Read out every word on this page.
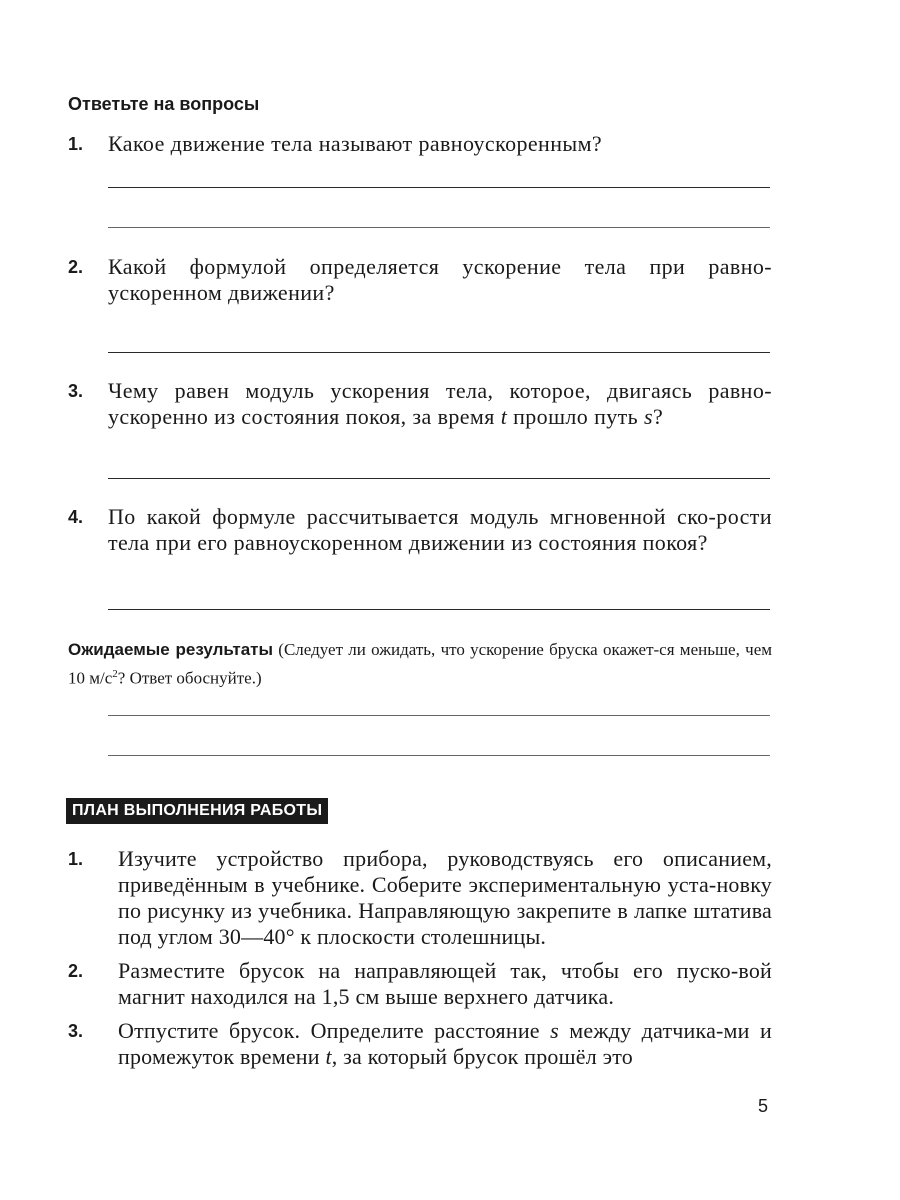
Ответьте на вопросы
1. Какое движение тела называют равноускоренным?
2. Какой формулой определяется ускорение тела при равно-ускоренном движении?
3. Чему равен модуль ускорения тела, которое, двигаясь равно-ускоренно из состояния покоя, за время t прошло путь s?
4. По какой формуле рассчитывается модуль мгновенной ско-рости тела при его равноускоренном движении из состояния покоя?
Ожидаемые результаты (Следует ли ожидать, что ускорение бруска окажет-ся меньше, чем 10 $м/с^2$? Ответ обоснуйте.)
ПЛАН ВЫПОЛНЕНИЯ РАБОТЫ
1. Изучите устройство прибора, руководствуясь его описанием, приведённым в учебнике. Соберите экспериментальную уста-новку по рисунку из учебника. Направляющую закрепите в лапке штатива под углом 30—40° к плоскости столешницы.
2. Разместите брусок на направляющей так, чтобы его пуско-вой магнит находился на 1,5 см выше верхнего датчика.
3. Отпустите брусок. Определите расстояние s между датчика-ми и промежуток времени t, за который брусок прошёл это
5
